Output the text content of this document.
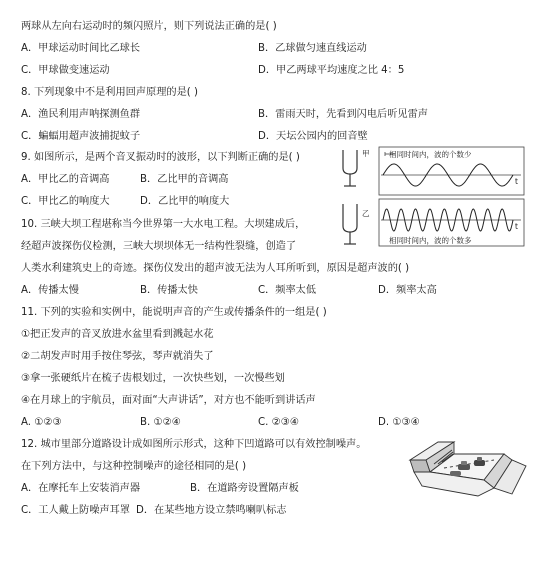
两球从左向右运动时的频闪照片，则下列说法正确的是( )
A．甲球运动时间比乙球长	B．乙球做匀速直线运动
C．甲球做变速运动	D．甲乙两球平均速度之比 4：5
8. 下列现象中不是利用回声原理的是( )
A．渔民利用声呐探测鱼群	B．雷雨天时，先看到闪电后听见雷声
C．蝙蝠用超声波捕捉蚊子	D．天坛公园内的回音壁
9. 如图所示，是两个音叉振动时的波形，以下判断正确的是( )
A．甲比乙的音调高	B．乙比甲的音调高
C．甲比乙的响度大	D．乙比甲的响度大
甲
乙
相同时间内，波的个数少
t
t
相同时间内，波的个数多
10. 三峡大坝工程堪称当今世界第一大水电工程。大坝建成后，
经超声波探伤仪检测，三峡大坝坝体无一结构性裂缝，创造了
人类水利建筑史上的奇迹。探伤仪发出的超声波无法为人耳所听到，原因是超声波的( )
A．传播太慢	B．传播太快	C．频率太低	D．频率太高
11. 下列的实验和实例中，能说明声音的产生或传播条件的一组是( )
①把正发声的音叉放进水盆里看到溅起水花
②二胡发声时用手按住琴弦，琴声就消失了
③拿一张硬纸片在梳子齿根划过，一次快些划，一次慢些划
④在月球上的宇航员，面对面“大声讲话”，对方也不能听到讲话声
A. ①②③	B. ①②④	C. ②③④	D. ①③④
12. 城市里部分道路设计成如图所示形式，这种下凹道路可以有效控制噪声。
在下列方法中，与这种控制噪声的途径相同的是( )
A．在摩托车上安装消声器	B．在道路旁设置隔声板
C．工人戴上防噪声耳罩 D．在某些地方设立禁鸣喇叭标志
